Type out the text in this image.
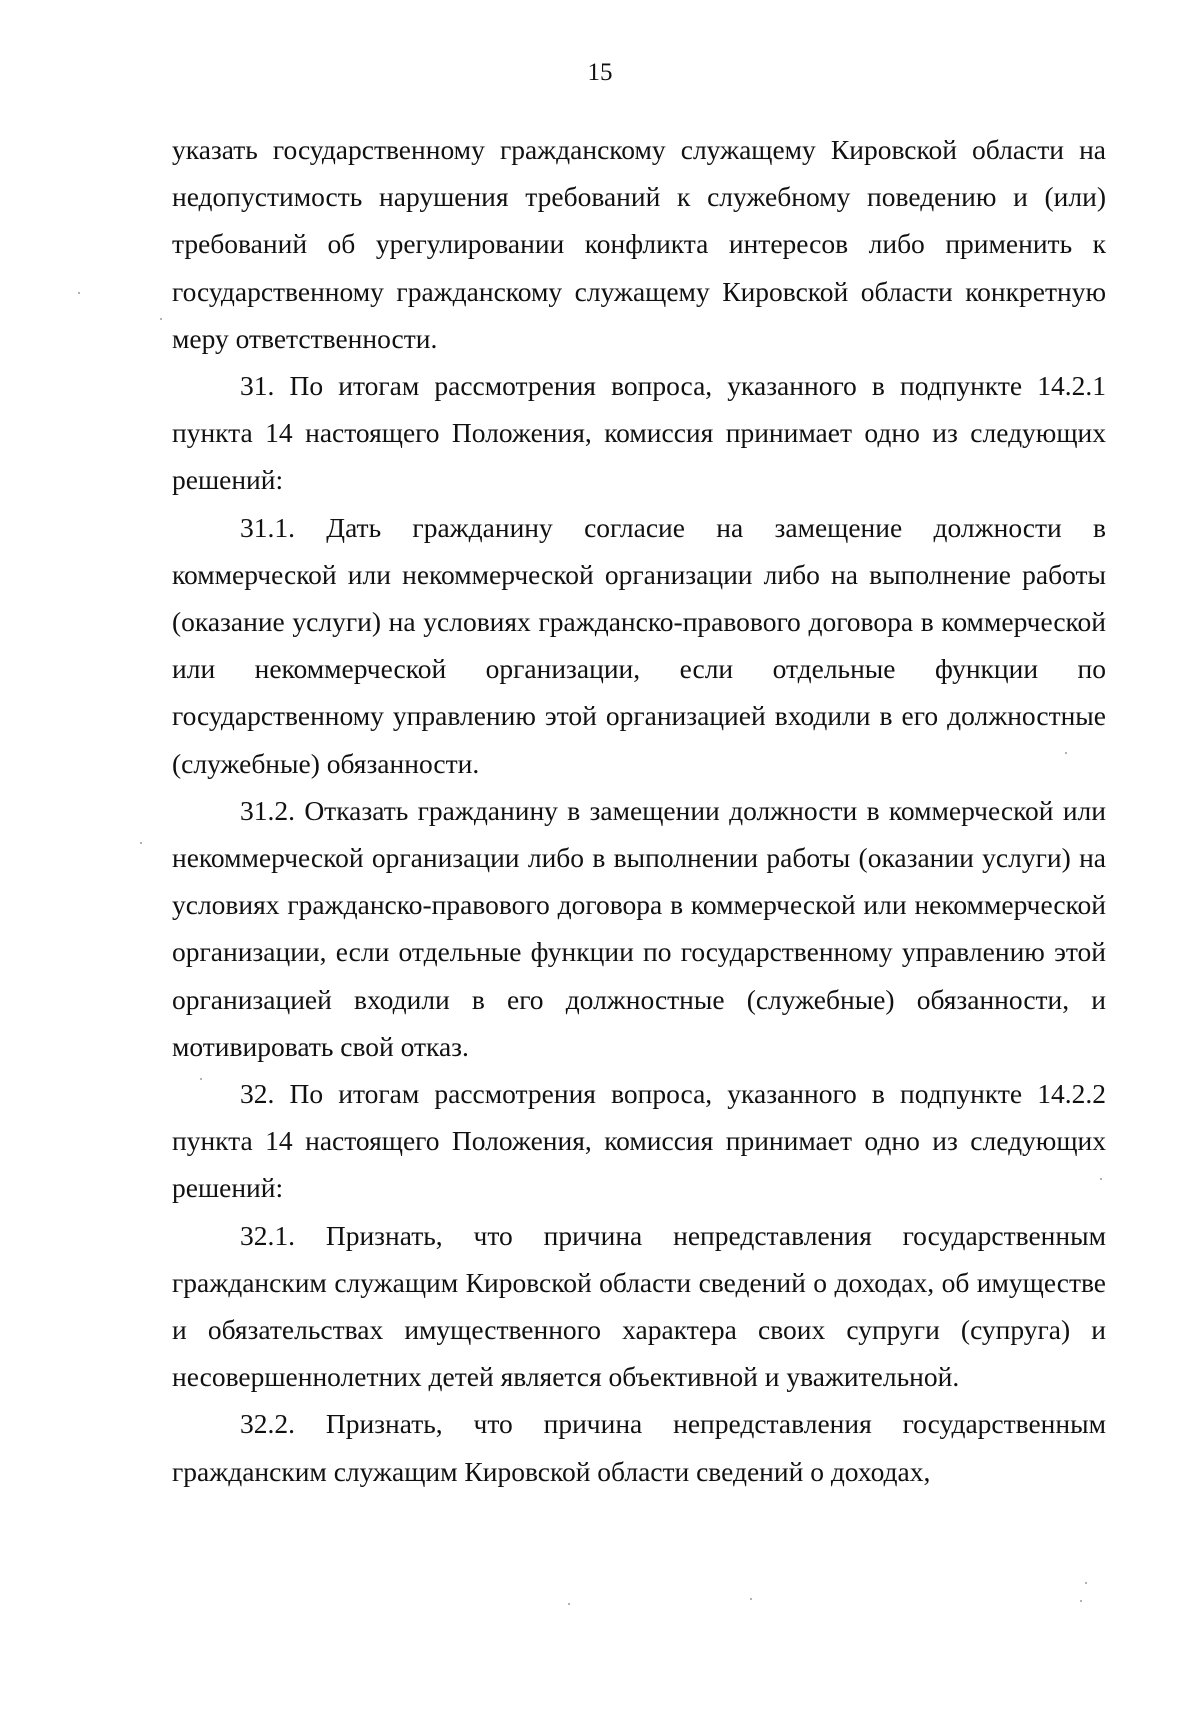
15

указать государственному гражданскому служащему Кировской области на недопустимость нарушения требований к служебному поведению и (или) требований об урегулировании конфликта интересов либо применить к государственному гражданскому служащему Кировской области конкретную меру ответственности.

31. По итогам рассмотрения вопроса, указанного в подпункте 14.2.1 пункта 14 настоящего Положения, комиссия принимает одно из следующих решений:

31.1. Дать гражданину согласие на замещение должности в коммерческой или некоммерческой организации либо на выполнение работы (оказание услуги) на условиях гражданско-правового договора в коммерческой или некоммерческой организации, если отдельные функции по государственному управлению этой организацией входили в его должностные (служебные) обязанности.

31.2. Отказать гражданину в замещении должности в коммерческой или некоммерческой организации либо в выполнении работы (оказании услуги) на условиях гражданско-правового договора в коммерческой или некоммерческой организации, если отдельные функции по государственному управлению этой организацией входили в его должностные (служебные) обязанности, и мотивировать свой отказ.

32. По итогам рассмотрения вопроса, указанного в подпункте 14.2.2 пункта 14 настоящего Положения, комиссия принимает одно из следующих решений:

32.1. Признать, что причина непредставления государственным гражданским служащим Кировской области сведений о доходах, об имуществе и обязательствах имущественного характера своих супруги (супруга) и несовершеннолетних детей является объективной и уважительной.

32.2. Признать, что причина непредставления государственным гражданским служащим Кировской области сведений о доходах,
